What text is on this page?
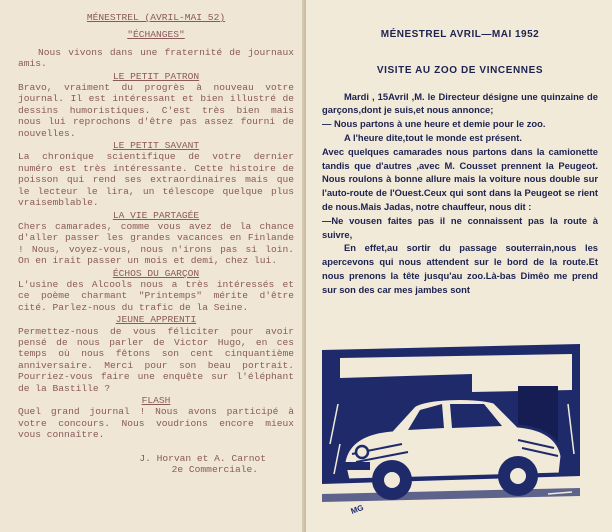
MÉNESTREL (AVRIL-MAI 52)

"ÉCHANGES"

Nous vivons dans une fraternité de journaux amis.

LE PETIT PATRON

Bravo, vraiment du progrès à nouveau votre journal. Il est intéressant et bien illustré de dessins humoristiques. C'est très bien mais nous lui reprochons d'être pas assez fourni de nouvelles.

LE PETIT SAVANT

La chronique scientifique de votre dernier numéro est très intéressante. Cette histoire de poisson qui rend ses extraordinaires mais que le lecteur le lira, un télescope quelque plus vraisemblable.

LA VIE PARTAGÉE

Chers camarades, comme vous avez de la chance d'aller passer les grandes vacances en Finlande ! Nous, voyez-vous, nous n'irons pas si loin. On en irait passer un mois et demi, chez lui.

ÉCHOS DU GARÇON

L'usine des Alcools nous a très intéressés et ce poème charmant "Printemps" mérite d'être cité. Parlez-nous du trafic de la Seine.

JEUNE APPRENTI

Permettez-nous de vous féliciter pour avoir pensé de nous parler de Victor Hugo, en ces temps où nous fêtons son cent cinquantième anniversaire. Merci pour son beau portrait. Pourriez-vous faire une enquête sur l'éléphant de la Bastille ?

FLASH

Quel grand journal ! Nous avons participé à votre concours. Nous voudrions encore mieux vous connaître.

J. Horvan et A. Carnot
2e Commerciale.

MÉNESTREL AVRIL—MAI 1952

VISITE AU ZOO DE VINCENNES

Mardi , 15Avril ,M. le Directeur désigne une quinzaine de garçons,dont je suis,et nous annonce;

— Nous partons à une heure et demie pour le zoo.

A l'heure dite,tout le monde est présent.

Avec quelques camarades nous partons dans la camionette tandis que d'autres ,avec M. Cousset prennent la Peugeot. Nous roulons à bonne allure mais la voiture nous double sur l'auto-route de l'Ouest.Ceux qui sont dans la Peugeot se rient de nous.Mais Jadas, notre chauffeur, nous dit :

—Ne vousen faites pas il ne connaissent pas la route à suivre,

En effet,au sortir du passage souterrain,nous les apercevons qui nous attendent sur le bord de la route.Et nous prenons la tête jusqu'au zoo.Là-bas Dimêo me prend sur son des car mes jambes sont

MG
